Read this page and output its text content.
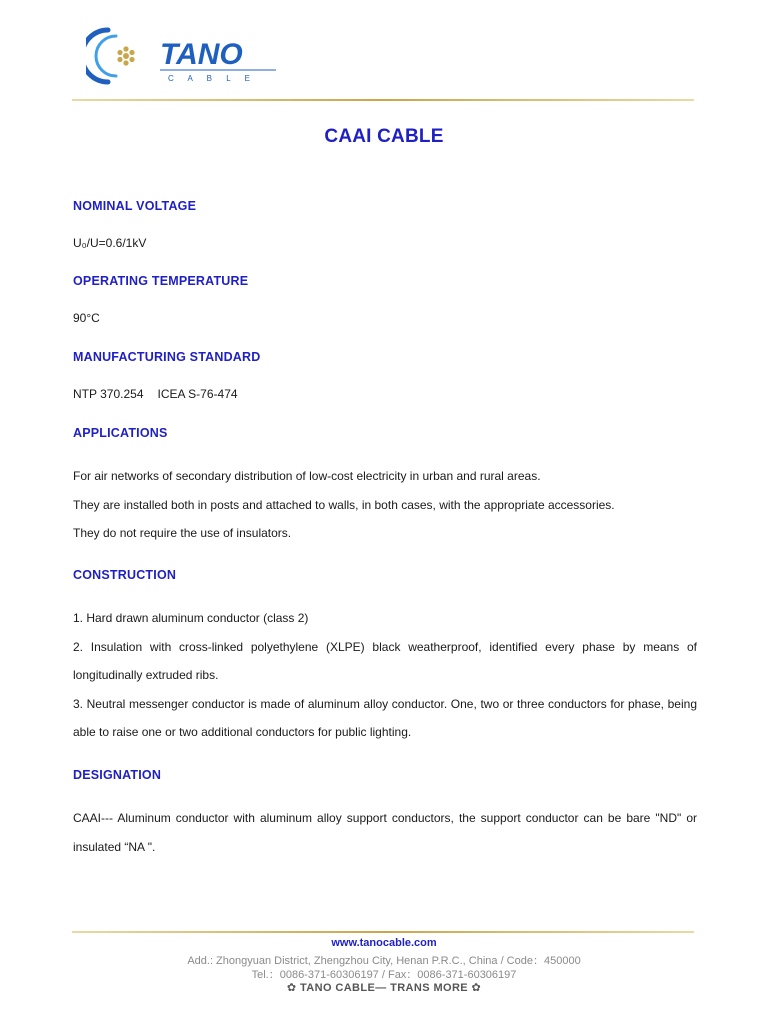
TANO
C A B L E
CAAI CABLE
NOMINAL VOLTAGE

U₀/U=0.6/1kV

OPERATING TEMPERATURE

90°C

MANUFACTURING STANDARD

NTP 370.254 ICEA S-76-474

APPLICATIONS

For air networks of secondary distribution of low-cost electricity in urban and rural areas.

They are installed both in posts and attached to walls, in both cases, with the appropriate accessories.

They do not require the use of insulators.

CONSTRUCTION

1. Hard drawn aluminum conductor (class 2)

2. Insulation with cross-linked polyethylene (XLPE) black weatherproof, identified every phase by means of longitudinally extruded ribs.

3. Neutral messenger conductor is made of aluminum alloy conductor. One, two or three conductors for phase, being able to raise one or two additional conductors for public lighting.

DESIGNATION

CAAI--- Aluminum conductor with aluminum alloy support conductors, the support conductor can be bare "ND" or insulated “NA ".

www.tanocable.com
Add.: Zhongyuan District, Zhengzhou City, Henan P.R.C., China / Code：450000
Tel.：0086-371-60306197 / Fax：0086-371-60306197
✿ TANO CABLE— TRANS MORE ✿
